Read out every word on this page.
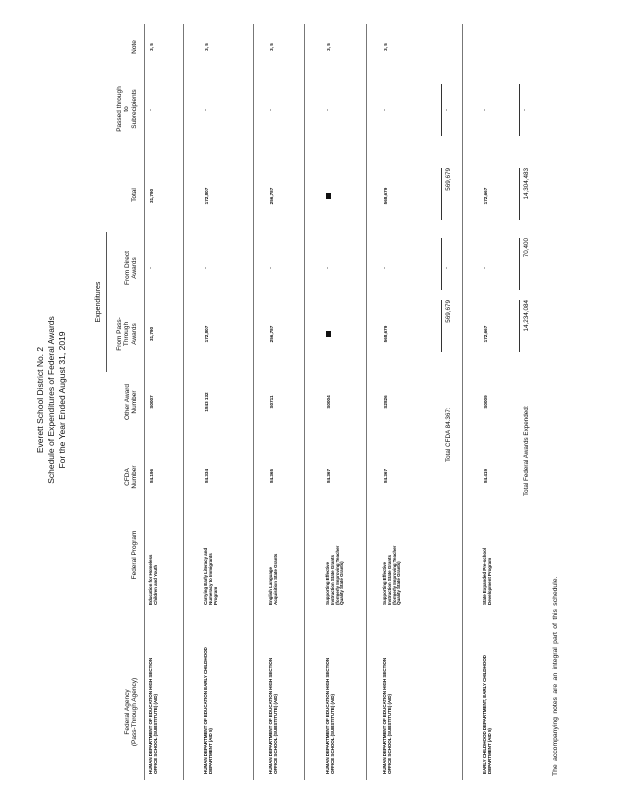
Everett School District No. 2 Schedule of Expenditures of Federal Awards For the Year Ended August 31, 2019
Expenditures
Federal Agency (Pass-Through Agency)
Federal Program
CFDA Number
Other Award Number
From Pass- Through Awards
From Direct Awards
Total
Passed through to Subrecipients
Note
HUMAN DEPARTMENT OF EDUCATION HIGH SECTION OFFICE SCHOOL (SUBSTITUTE) (AID)
Education for Homeless Children and Youth
84.196
S0007
31,790
-
31,790
-
3, 5
HUMAN DEPARTMENT OF EDUCATION EARLY CHILDHOOD DEPARTMENT (AID 5)
Carrying Early Literacy and Numeracy to Immigrants Program
84.334
1843 132
172,807
-
172,807
-
3, 5
HUMAN DEPARTMENT OF EDUCATION HIGH SECTION OFFICE SCHOOL (SUBSTITUTE) (AID)
English Language Acquisition State Grants
84.365
S0711
256,787
-
256,787
-
3, 5
HUMAN DEPARTMENT OF EDUCATION HIGH SECTION OFFICE SCHOOL (SUBSTITUTE) (AID)
Supporting Effective Instruction State Grants (formerly Improving Teacher Quality State Grants)
84.367
S0004
-
-
3, 5
HUMAN DEPARTMENT OF EDUCATION HIGH SECTION OFFICE SCHOOL (SUBSTITUTE) (AID)
Supporting Effective Instruction State Grants (formerly Improving Teacher Quality State Grants)
84.367
S2826
568,679
-
568,679
-
3, 5
Total CFDA 84.367:
569,679
-
569,679
-
EARLY CHILDHOOD DEPARTMENT, EARLY CHILDHOOD DEPARTMENT (AID 5)
State Expanded Pre-school Development Program
84.419
S0009
172,667
-
172,667
-
Total Federal Awards Expended:
14,234,084
70,400
14,304,483
-
The accompanying notes are an integral part of this schedule.
